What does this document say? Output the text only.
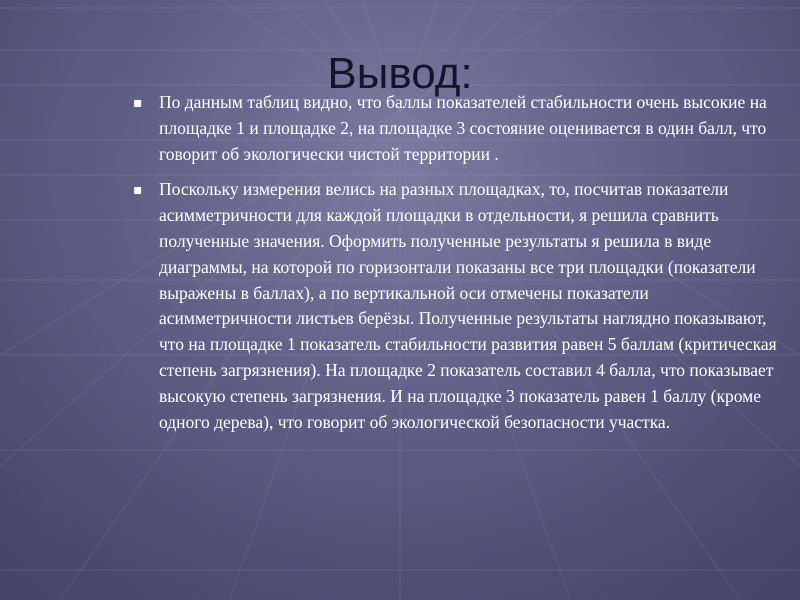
Вывод:
▪ По данным таблиц видно, что баллы показателей стабильности очень высокие на площадке 1 и площадке 2, на площадке 3 состояние оценивается в один балл, что говорит об экологически чистой территории .
▪ Поскольку измерения велись на разных площадках, то, посчитав показатели асимметричности для каждой площадки в отдельности, я решила сравнить полученные значения. Оформить полученные результаты я решила в виде диаграммы, на которой по горизонтали показаны все три площадки (показатели выражены в баллах), а по вертикальной оси отмечены показатели асимметричности листьев берёзы. Полученные результаты наглядно показывают, что на площадке 1 показатель стабильности развития равен 5 баллам (критическая степень загрязнения). На площадке 2 показатель составил 4 балла, что показывает высокую степень загрязнения. И на площадке 3 показатель равен 1 баллу (кроме одного дерева), что говорит об экологической безопасности участка.
